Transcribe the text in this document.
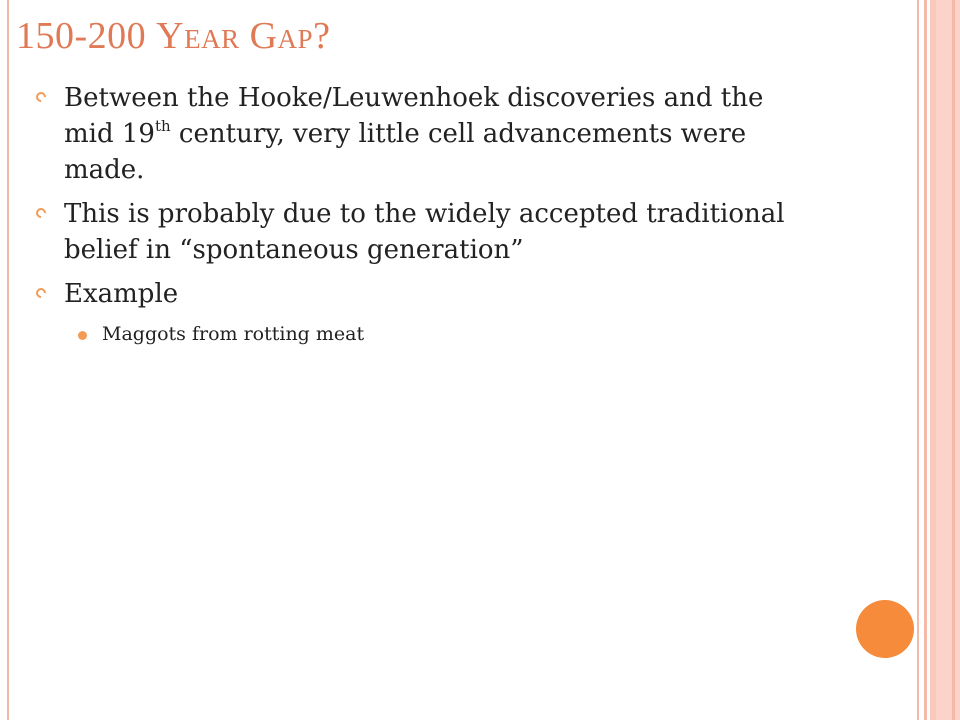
150-200 Year Gap?
Between the Hooke/Leuwenhoek discoveries and the
mid 19th century, very little cell advancements were
made.
This is probably due to the widely accepted traditional
belief in “spontaneous generation”
Example
Maggots from rotting meat
